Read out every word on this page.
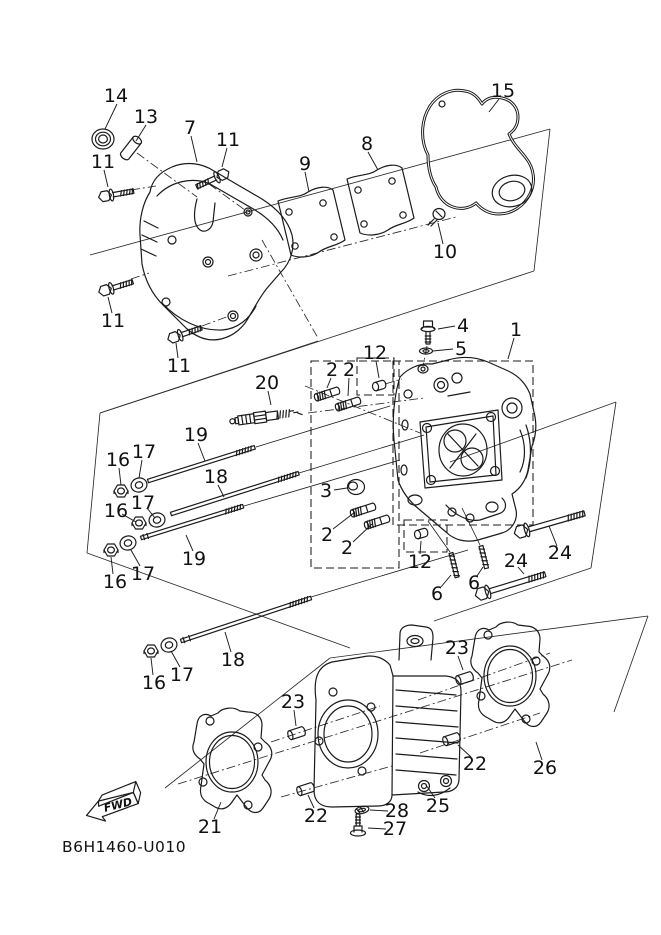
FWD
B6H1460-U010
14
13 7
11
9
8
15
11
10
11
11
4
5
1
12
2 2
20
19
17
16
18
17
16
3
2
2
19
17
16
12
6 6
24 24
18
16 17
23
23
22
22 26
21
25
28
27
